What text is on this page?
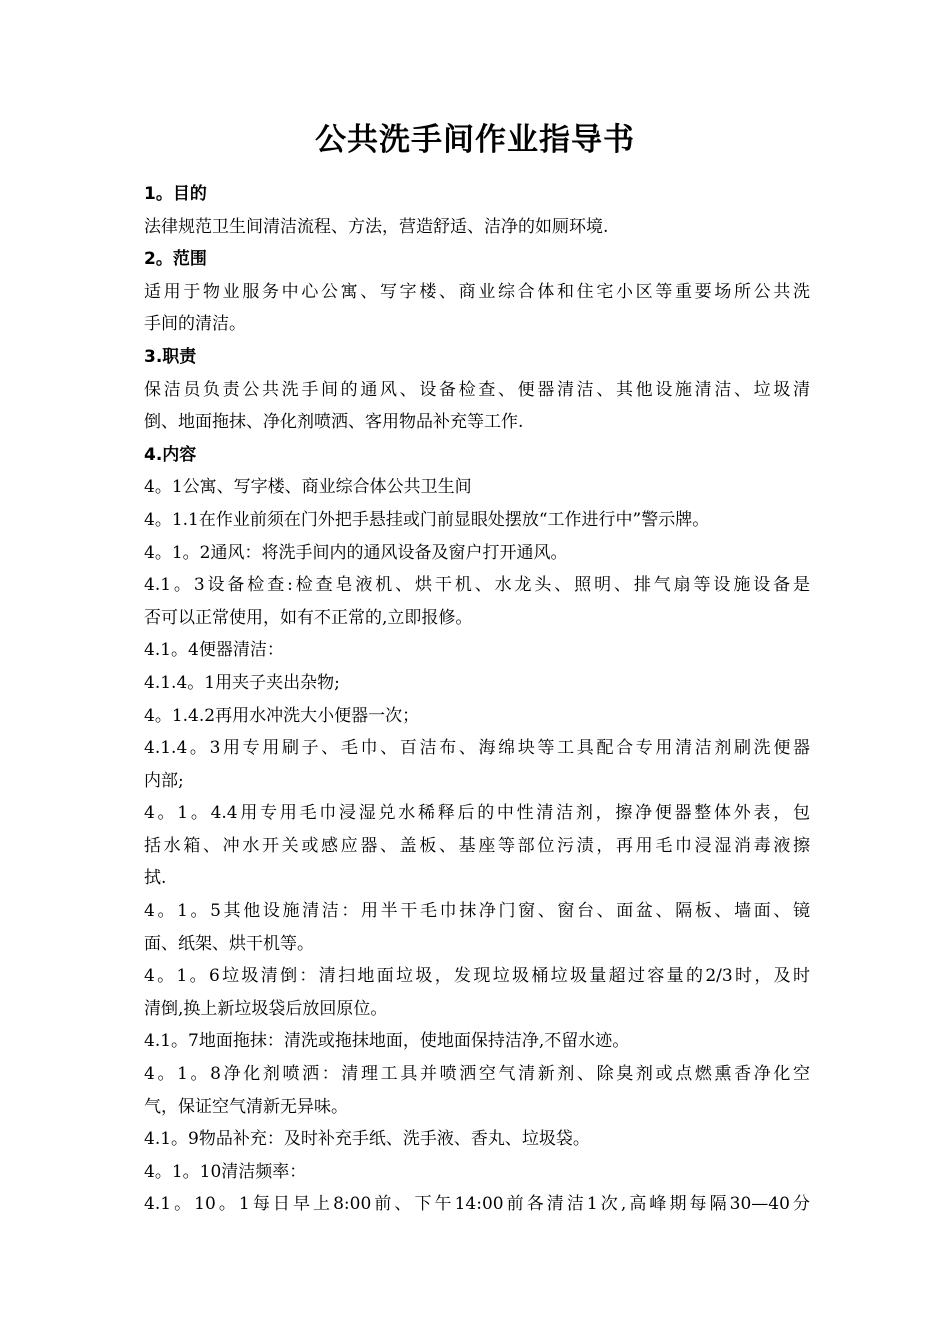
公共洗手间作业指导书
1。目的
法律规范卫生间清洁流程、方法，营造舒适、洁净的如厕环境.
2。范围
适用于物业服务中心公寓、写字楼、商业综合体和住宅小区等重要场所公共洗
手间的清洁。
3.职责
保洁员负责公共洗手间的通风、设备检查、便器清洁、其他设施清洁、垃圾清
倒、地面拖抹、净化剂喷洒、客用物品补充等工作.
4.内容
4。1公寓、写字楼、商业综合体公共卫生间
4。1.1在作业前须在门外把手悬挂或门前显眼处摆放“工作进行中”警示牌。
4。1。2通风：将洗手间内的通风设备及窗户打开通风。
4.1。3设备检查:检查皂液机、烘干机、水龙头、照明、排气扇等设施设备是
否可以正常使用，如有不正常的,立即报修。
4.1。4便器清洁：
4.1.4。1用夹子夹出杂物;
4。1.4.2再用水冲洗大小便器一次；
4.1.4。3用专用刷子、毛巾、百洁布、海绵块等工具配合专用清洁剂刷洗便器
内部;
4。1。4.4用专用毛巾浸湿兑水稀释后的中性清洁剂，擦净便器整体外表，包
括水箱、冲水开关或感应器、盖板、基座等部位污渍，再用毛巾浸湿消毒液擦
拭.
4。1。5其他设施清洁：用半干毛巾抹净门窗、窗台、面盆、隔板、墙面、镜
面、纸架、烘干机等。
4。1。6垃圾清倒：清扫地面垃圾，发现垃圾桶垃圾量超过容量的2/3时，及时
清倒,换上新垃圾袋后放回原位。
4.1。7地面拖抹：清洗或拖抹地面，使地面保持洁净,不留水迹。
4。1。8净化剂喷洒：清理工具并喷洒空气清新剂、除臭剂或点燃熏香净化空
气，保证空气清新无异味。
4.1。9物品补充：及时补充手纸、洗手液、香丸、垃圾袋。
4。1。10清洁频率：
4.1。10。1每日早上8:00前、下午14:00前各清洁1次,高峰期每隔30—40分
